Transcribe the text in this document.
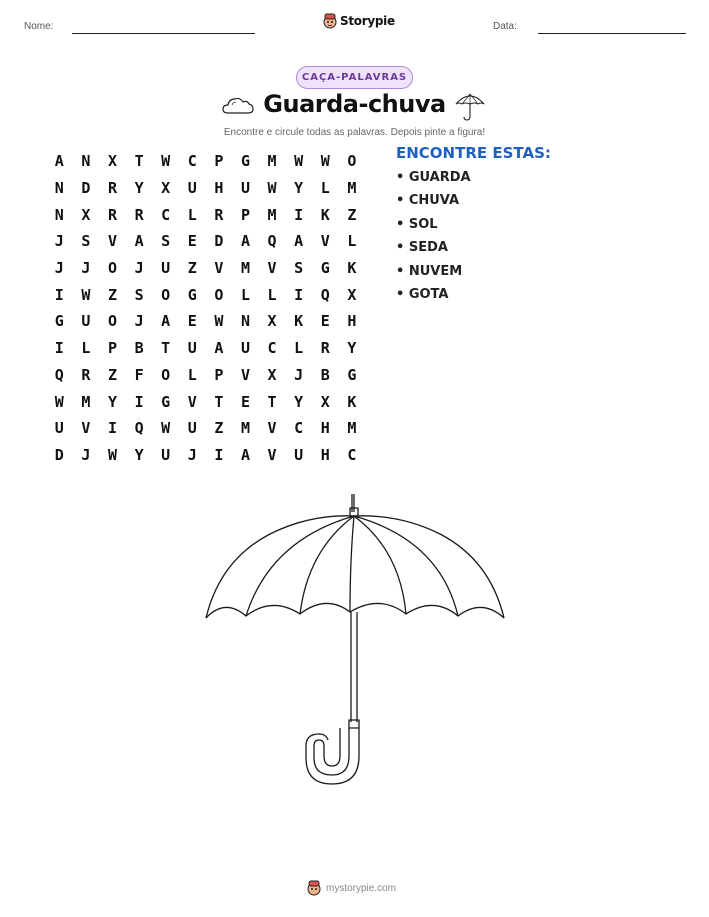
Nome:	Data:
Storypie
CAÇA-PALAVRAS
Guarda-chuva
Encontre e circule todas as palavras. Depois pinte a figura!
A	N	X	T	W	C	P	G	M	W	W	O
N	D	R	Y	X	U	H	U	W	Y	L	M
N	X	R	R	C	L	R	P	M	I	K	Z
J	S	V	A	S	E	D	A	Q	A	V	L
J	J	O	J	U	Z	V	M	V	S	G	K
I	W	Z	S	O	G	O	L	L	I	Q	X
G	U	O	J	A	E	W	N	X	K	E	H
I	L	P	B	T	U	A	U	C	L	R	Y
Q	R	Z	F	O	L	P	V	X	J	B	G
W	M	Y	I	G	V	T	E	T	Y	X	K
U	V	I	Q	W	U	Z	M	V	C	H	M
D	J	W	Y	U	J	I	A	V	U	H	C
ENCONTRE ESTAS:
• GUARDA
• CHUVA
• SOL
• SEDA
• NUVEM
• GOTA
mystorypie.com
